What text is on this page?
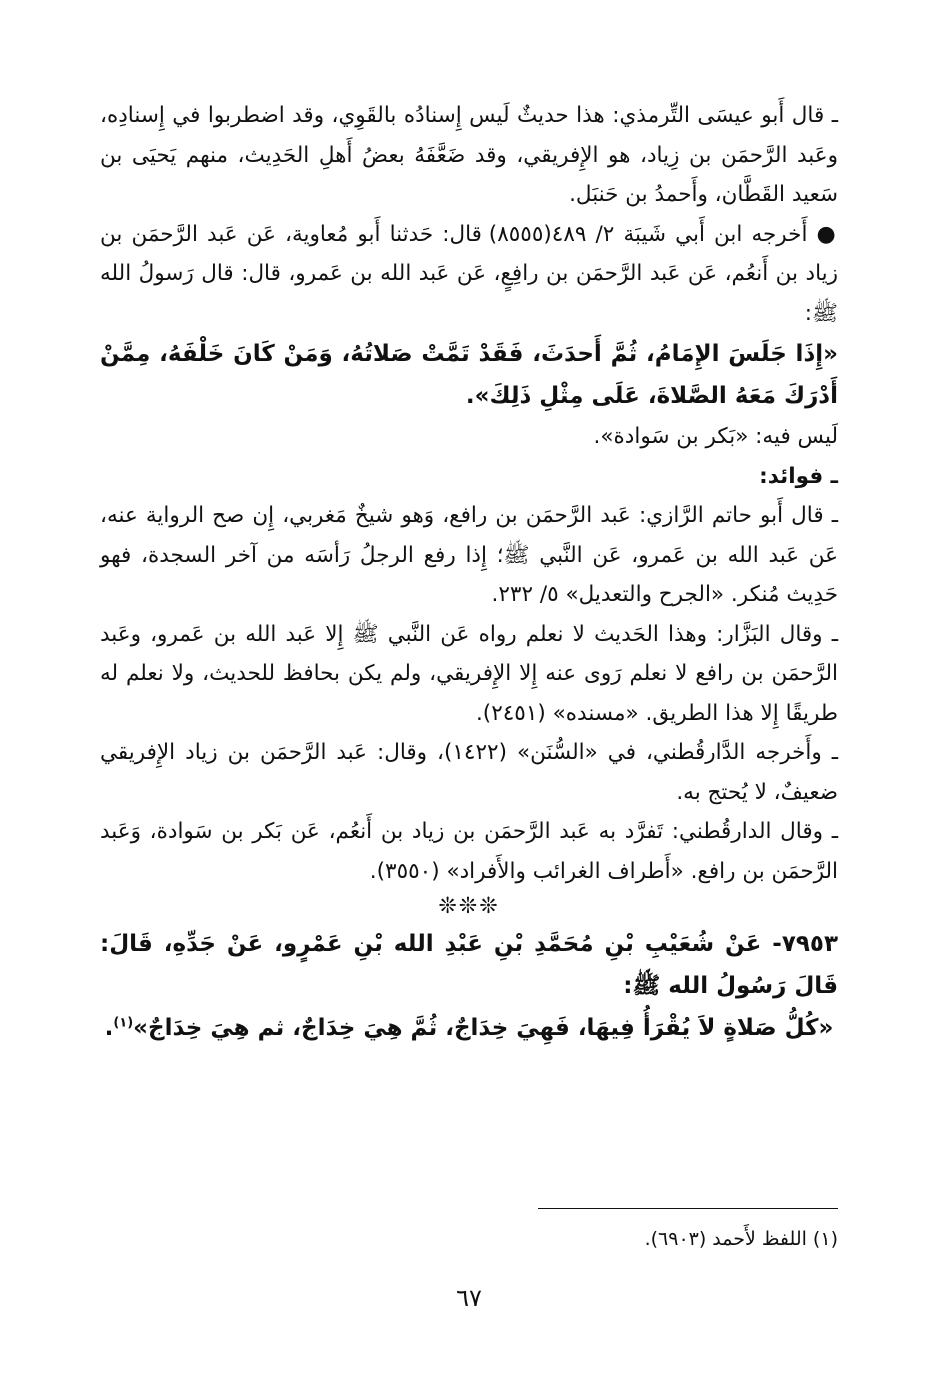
ـ قال أَبو عيسَى التِّرمذي: هذا حديثٌ لَيس إِسنادُه بالقَوِي، وقد اضطربوا في إِسنادِه، وعَبد الرَّحمَن بن زِياد، هو الإِفريقي، وقد ضَعَّفَهُ بعضُ أَهلِ الحَدِيث، منهم يَحيَى بن سَعيد القَطَّان، وأَحمدُ بن حَنبَل.

● أَخرجه ابن أَبي شَيبَة ٢/ ٤٨٩(٨٥٥٥) قال: حَدثنا أَبو مُعاوية، عَن عَبد الرَّحمَن بن زياد بن أَنعُم، عَن عَبد الرَّحمَن بن رافِعٍ، عَن عَبد الله بن عَمرو، قال: قال رَسولُ الله ﷺ:

«إِذَا جَلَسَ الإِمَامُ، ثُمَّ أَحدَثَ، فَقَدْ تَمَّتْ صَلاتُهُ، وَمَنْ كَانَ خَلْفَهُ، مِمَّنْ أَدْرَكَ مَعَهُ الصَّلاةَ، عَلَى مِثْلِ ذَلِكَ».

لَيس فيه: «بَكر بن سَوادة».

ـ فوائد:

ـ قال أَبو حاتم الرَّازي: عَبد الرَّحمَن بن رافع، وَهو شيخٌ مَغربي، إِن صح الرواية عنه، عَن عَبد الله بن عَمرو، عَن النَّبي ﷺ؛ إِذا رفع الرجلُ رَأسَه من آخر السجدة، فهو حَدِيث مُنكر. «الجرح والتعديل» ٥/ ٢٣٢.

ـ وقال البَزَّار: وهذا الحَديث لا نعلم رواه عَن النَّبي ﷺ إِلا عَبد الله بن عَمرو، وعَبد الرَّحمَن بن رافع لا نعلم رَوى عنه إِلا الإِفريقي، ولم يكن بحافظ للحديث، ولا نعلم له طريقًا إِلا هذا الطريق. «مسنده» (٢٤٥١).

ـ وأَخرجه الدَّارقُطني، في «السُّنَن» (١٤٢٢)، وقال: عَبد الرَّحمَن بن زياد الإِفريقي ضعيفٌ، لا يُحتج به.

ـ وقال الدارقُطني: تَفرَّد به عَبد الرَّحمَن بن زياد بن أَنعُم، عَن بَكر بن سَوادة، وَعَبد الرَّحمَن بن رافع. «أَطراف الغرائب والأَفراد» (٣٥٥٠).

❊❊❊

٧٩٥٣- عَنْ شُعَيْبِ بْنِ مُحَمَّدِ بْنِ عَبْدِ الله بْنِ عَمْرٍو، عَنْ جَدِّهِ، قَالَ: قَالَ رَسُولُ الله ﷺ:

«كُلُّ صَلاةٍ لاَ يُقْرَأُ فِيهَا، فَهِيَ خِدَاجٌ، ثُمَّ هِيَ خِدَاجٌ، ثم هِيَ خِدَاجٌ»$^{(١)}$.

(١) اللفظ لأَحمد (٦٩٠٣).

٦٧
